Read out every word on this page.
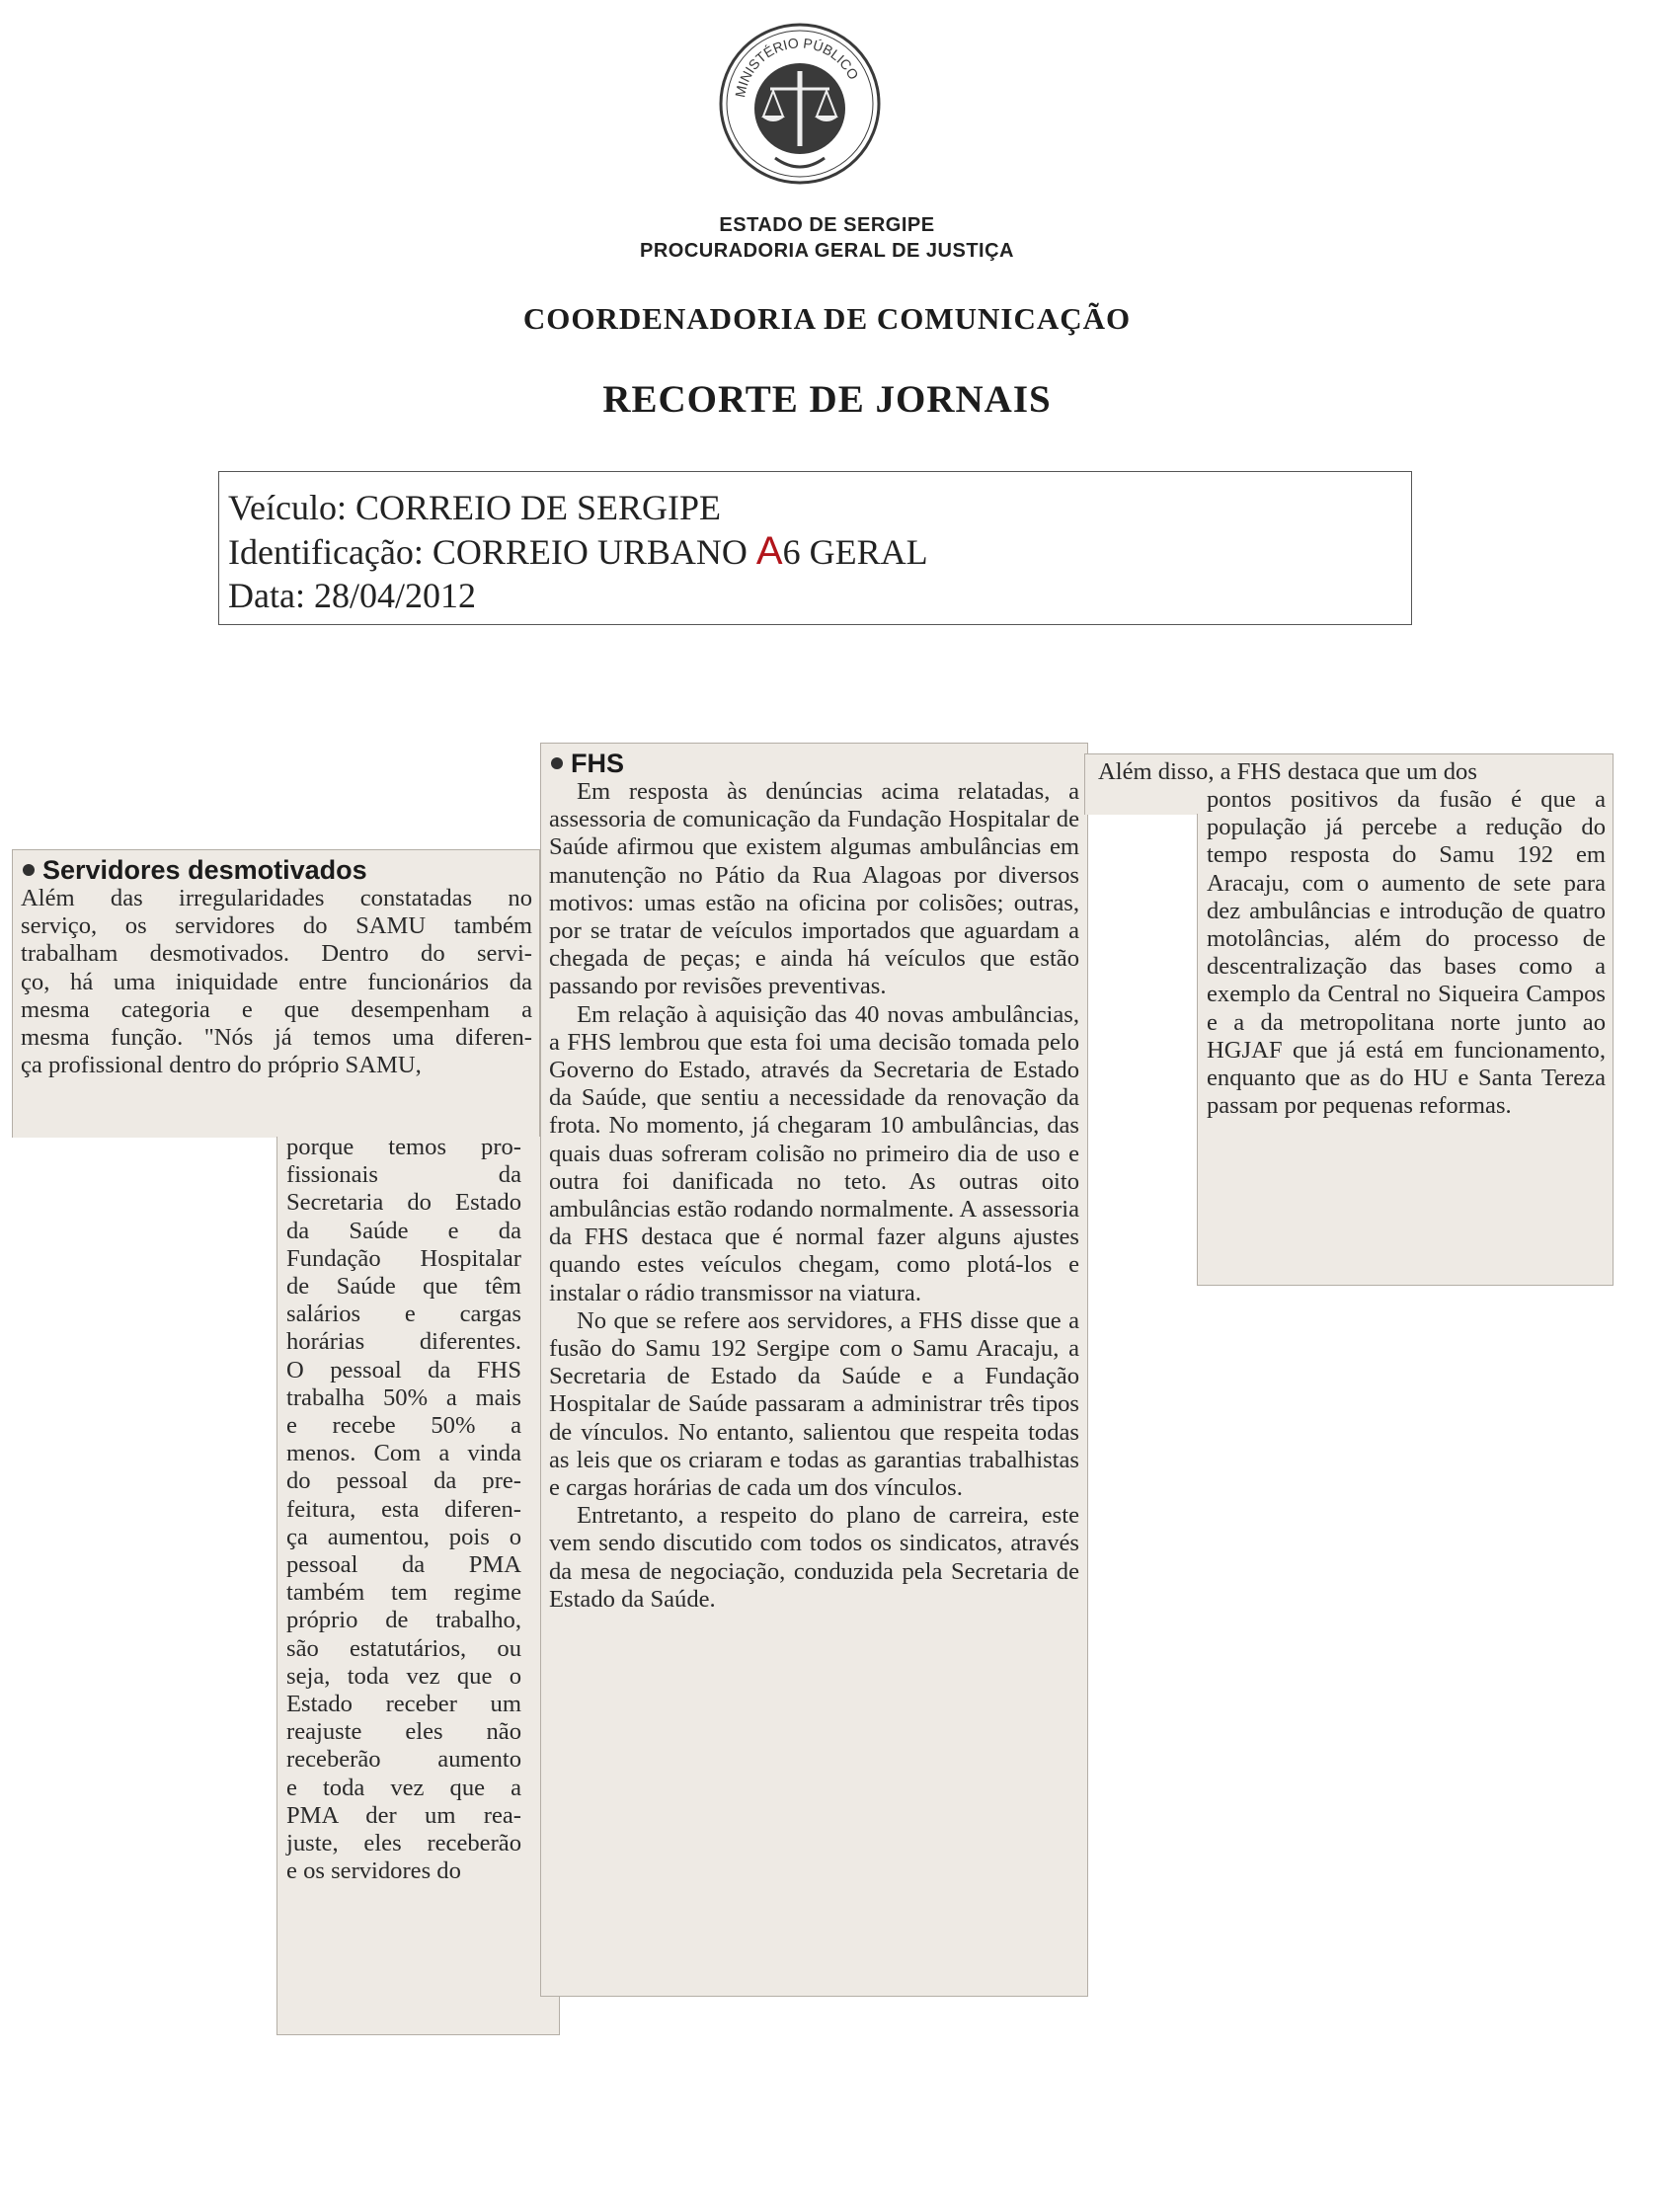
MINISTÉRIO PÚBLICO
ESTADO DE SERGIPE
PROCURADORIA GERAL DE JUSTIÇA
COORDENADORIA DE COMUNICAÇÃO
RECORTE DE JORNAIS
Veículo: CORREIO DE SERGIPE
Identificação: CORREIO URBANO A6 GERAL
Data: 28/04/2012
Servidores desmotivados
Além das irregularidades constatadas no
serviço, os servidores do SAMU também
trabalham desmotivados. Dentro do servi-
ço, há uma iniquidade entre funcionários da
mesma categoria e que desempenham a
mesma função. "Nós já temos uma diferen-
ça profissional dentro do próprio SAMU,
porque temos pro-
fissionais da
Secretaria do Estado
da Saúde e da
Fundação Hospitalar
de Saúde que têm
salários e cargas
horárias diferentes.
O pessoal da FHS
trabalha 50% a mais
e recebe 50% a
menos. Com a vinda
do pessoal da pre-
feitura, esta diferen-
ça aumentou, pois o
pessoal da PMA
também tem regime
próprio de trabalho,
são estatutários, ou
seja, toda vez que o
Estado receber um
reajuste eles não
receberão aumento
e toda vez que a
PMA der um rea-
juste, eles receberão
e os servidores do
FHS

Em resposta às denúncias acima relatadas, a assessoria de comunicação da Fundação Hospitalar de Saúde afirmou que existem algumas ambulâncias em manutenção no Pátio da Rua Alagoas por diversos motivos: umas estão na oficina por colisões; outras, por se tratar de veículos importados que aguardam a chegada de peças; e ainda há veículos que estão passando por revisões preventivas.

Em relação à aquisição das 40 novas ambulâncias, a FHS lembrou que esta foi uma decisão tomada pelo Governo do Estado, através da Secretaria de Estado da Saúde, que sentiu a necessidade da renovação da frota. No momento, já chegaram 10 ambulâncias, das quais duas sofreram colisão no primeiro dia de uso e outra foi danificada no teto. As outras oito ambulâncias estão rodando normalmente. A assessoria da FHS destaca que é normal fazer alguns ajustes quando estes veículos chegam, como plotá-los e instalar o rádio transmissor na viatura.

No que se refere aos servidores, a FHS disse que a fusão do Samu 192 Sergipe com o Samu Aracaju, a Secretaria de Estado da Saúde e a Fundação Hospitalar de Saúde passaram a administrar três tipos de vínculos. No entanto, salientou que respeita todas as leis que os criaram e todas as garantias trabalhistas e cargas horárias de cada um dos vínculos.

Entretanto, a respeito do plano de carreira, este vem sendo discutido com todos os sindicatos, através da mesa de negociação, conduzida pela Secretaria de Estado da Saúde.

Além disso, a FHS destaca que um dos

pontos positivos da fusão é que a população já percebe a redução do tempo resposta do Samu 192 em Aracaju, com o aumento de sete para dez ambulâncias e introdução de quatro motolâncias, além do processo de descentralização das bases como a exemplo da Central no Siqueira Campos e a da metropolitana norte junto ao HGJAF que já está em funcionamento, enquanto que as do HU e Santa Tereza passam por pequenas reformas.
